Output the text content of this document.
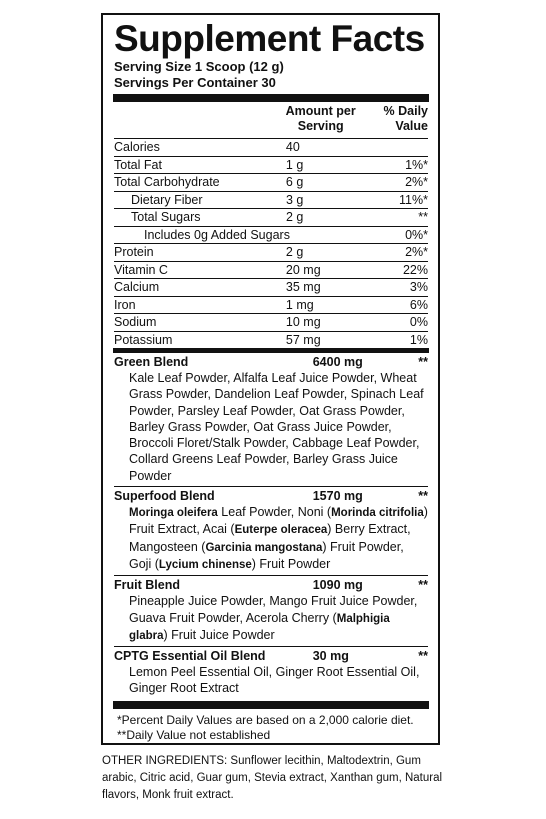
Supplement Facts
Serving Size 1 Scoop (12 g)
Servings Per Container 30
Amount per
Serving
% Daily
Value
Calories	40
Total Fat	1 g	1%*
Total Carbohydrate	6 g	2%*
Dietary Fiber	3 g	11%*
Total Sugars	2 g	**
Includes 0g Added Sugars	0%*
Protein	2 g	2%*
Vitamin C	20 mg	22%
Calcium	35 mg	3%
Iron	1 mg	6%
Sodium	10 mg	0%
Potassium	57 mg	1%
Green Blend	6400 mg	**
Kale Leaf Powder, Alfalfa Leaf Juice Powder, Wheat Grass Powder, Dandelion Leaf Powder, Spinach Leaf Powder, Parsley Leaf Powder, Oat Grass Powder, Barley Grass Powder, Oat Grass Juice Powder, Broccoli Floret/Stalk Powder, Cabbage Leaf Powder, Collard Greens Leaf Powder, Barley Grass Juice Powder
Superfood Blend	1570 mg	**
Moringa oleifera Leaf Powder, Noni (Morinda citrifolia) Fruit Extract, Acai (Euterpe oleracea) Berry Extract, Mangosteen (Garcinia mangostana) Fruit Powder, Goji (Lycium chinense) Fruit Powder
Fruit Blend	1090 mg	**
Pineapple Juice Powder, Mango Fruit Juice Powder, Guava Fruit Powder, Acerola Cherry (Malphigia glabra) Fruit Juice Powder
CPTG Essential Oil Blend	30 mg	**
Lemon Peel Essential Oil, Ginger Root Essential Oil, Ginger Root Extract
*Percent Daily Values are based on a 2,000 calorie diet.
**Daily Value not established
OTHER INGREDIENTS: Sunflower lecithin, Maltodextrin, Gum arabic, Citric acid, Guar gum, Stevia extract, Xanthan gum, Natural flavors, Monk fruit extract.
